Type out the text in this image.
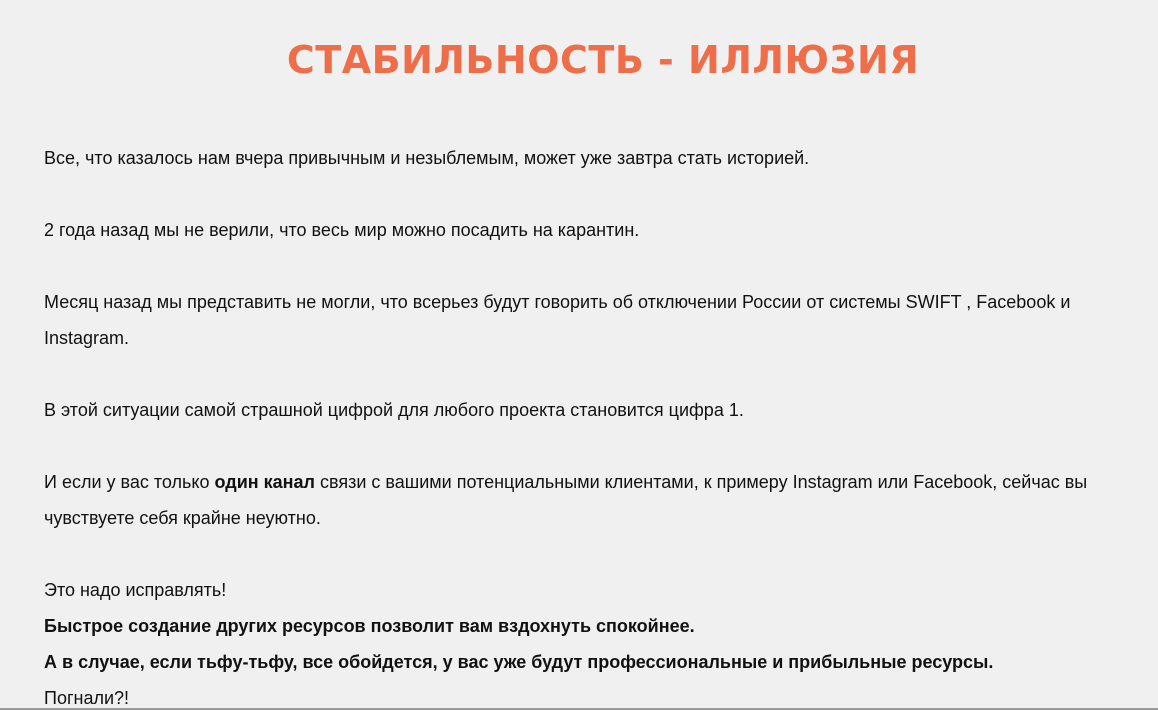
СТАБИЛЬНОСТЬ - ИЛЛЮЗИЯ

Все, что казалось нам вчера привычным и незыблемым, может уже завтра стать историей.

2 года назад мы не верили, что весь мир можно посадить на карантин.

Месяц назад мы представить не могли, что всерьез будут говорить об отключении России от системы SWIFT , Facebook и
Instagram.

В этой ситуации самой страшной цифрой для любого проекта становится цифра 1.

И если у вас только один канал связи с вашими потенциальными клиентами, к примеру Instagram или Facebook, сейчас вы
чувствуете себя крайне неуютно.

Это надо исправлять!

Быстрое создание других ресурсов позволит вам вздохнуть спокойнее.

А в случае, если тьфу-тьфу, все обойдется, у вас уже будут профессиональные и прибыльные ресурсы.

Погнали?!
